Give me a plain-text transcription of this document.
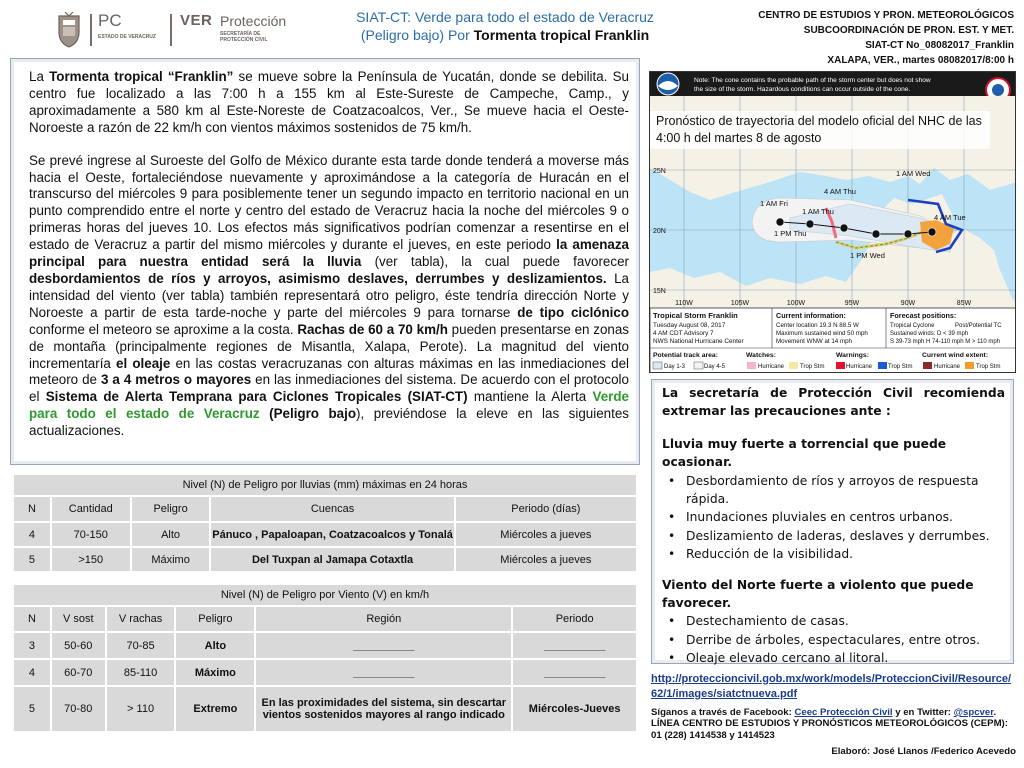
PC
ESTADO DE VERACRUZ
VER Protección
SECRETARÍA DE
PROTECCIÓN CIVIL
SIAT-CT: Verde para todo el estado de Veracruz
(Peligro bajo) Por Tormenta tropical Franklin
CENTRO DE ESTUDIOS Y PRON. METEOROLÓGICOS
SUBCOORDINACIÓN DE PRON. EST. Y MET.
SIAT-CT No_08082017_Franklin
XALAPA, VER., martes 08082017/8:00 h

La Tormenta tropical “Franklin” se mueve sobre la Península de Yucatán, donde se debilita. Su centro fue localizado a las 7:00 h a 155 km al Este-Sureste de Campeche, Camp., y aproximadamente a 580 km al Este-Noreste de Coatzacoalcos, Ver., Se mueve hacia el Oeste-Noroeste a razón de 22 km/h con vientos máximos sostenidos de 75 km/h.

Se prevé ingrese al Suroeste del Golfo de México durante esta tarde donde tenderá a moverse más hacia el Oeste, fortaleciéndose nuevamente y aproximándose a la categoría de Huracán en el transcurso del miércoles 9 para posiblemente tener un segundo impacto en territorio nacional en un punto comprendido entre el norte y centro del estado de Veracruz hacia la noche del miércoles 9 o primeras horas del jueves 10. Los efectos más significativos podrían comenzar a resentirse en el estado de Veracruz a partir del mismo miércoles y durante el jueves, en este periodo la amenaza principal para nuestra entidad será la lluvia (ver tabla), la cual puede favorecer desbordamientos de ríos y arroyos, asimismo deslaves, derrumbes y deslizamientos. La intensidad del viento (ver tabla) también representará otro peligro, éste tendría dirección Norte y Noroeste a partir de esta tarde-noche y parte del miércoles 9 para tornarse de tipo ciclónico conforme el meteoro se aproxime a la costa. Rachas de 60 a 70 km/h pueden presentarse en zonas de montaña (principalmente regiones de Misantla, Xalapa, Perote). La magnitud del viento incrementaría el oleaje en las costas veracruzanas con alturas máximas en las inmediaciones del meteoro de 3 a 4 metros o mayores en las inmediaciones del sistema. De acuerdo con el protocolo el Sistema de Alerta Temprana para Ciclones Tropicales (SIAT-CT) mantiene la Alerta Verde para todo el estado de Veracruz (Peligro bajo), previéndose la eleve en las siguientes actualizaciones.

Nivel (N) de Peligro por lluvias (mm) máximas en 24 horas				
N	Cantidad	Peligro	Cuencas	Periodo (días)
4	70-150	Alto	Pánuco , Papaloapan, Coatzacoalcos y Tonalá	Miércoles a jueves
5	>150	Máximo	Del Tuxpan al Jamapa Cotaxtla	Miércoles a jueves
Nivel (N) de Peligro por Viento (V) en km/h					
N	V sost	V rachas	Peligro	Región	Periodo
3	50-60	70-85	Alto	__________	__________
4	60-70	85-110	Máximo	__________	__________
5	70-80	> 110	Extremo	En las proximidades del sistema, sin descartar vientos sostenidos mayores al rango indicado	Miércoles-Jueves
Note: The cone contains the probable path of the storm center but does not show
the size of the storm. Hazardous conditions can occur outside of the cone.
4 AM Thu
1 AM Fri
1 AM Thu
1 PM Thu
1 AM Wed
4 AM Tue
1 PM Wed
25N
20N
15N
110W	105W	100W	95W	90W	85W
Tropical Storm Franklin
Tuesday August 08, 2017
4 AM CDT Advisory 7
NWS National Hurricane Center
Current information:
Center location 19.3 N 88.5 W
Maximum sustained wind 50 mph
Movement WNW at 14 mph
Forecast positions:
Tropical Cyclone	Post/Potential TC
Sustained winds: D < 39 mph
S 39-73 mph H 74-110 mph M > 110 mph
Potential track area:
Day 1-3	Day 4-5
Watches:
Hurricane	Trop Stm
Warnings:
Hurricane	Trop Stm
Current wind extent:
Hurricane	Trop Stm
Pronóstico de trayectoria del modelo oficial del NHC de las 4:00 h del martes 8 de agosto
La secretaría de Protección Civil recomienda extremar las precauciones ante :
Lluvia muy fuerte a torrencial que puede ocasionar.
• Desbordamiento de ríos y arroyos de respuesta rápida.
• Inundaciones pluviales en centros urbanos.
• Deslizamiento de laderas, deslaves y derrumbes.
• Reducción de la visibilidad.
Viento del Norte fuerte a violento que puede favorecer.
• Destechamiento de casas.
• Derribe de árboles, espectaculares, entre otros.
• Oleaje elevado cercano al litoral.
http://proteccioncivil.gob.mx/work/models/ProteccionCivil/Resource/62/1/images/siatctnueva.pdf
Síganos a través de Facebook: Ceec Protección Civil y en Twitter: @spcver.
LÍNEA CENTRO DE ESTUDIOS Y PRONÓSTICOS METEOROLÓGICOS (CEPM): 01 (228) 1414538 y 1414523
Elaboró: José Llanos /Federico Acevedo
